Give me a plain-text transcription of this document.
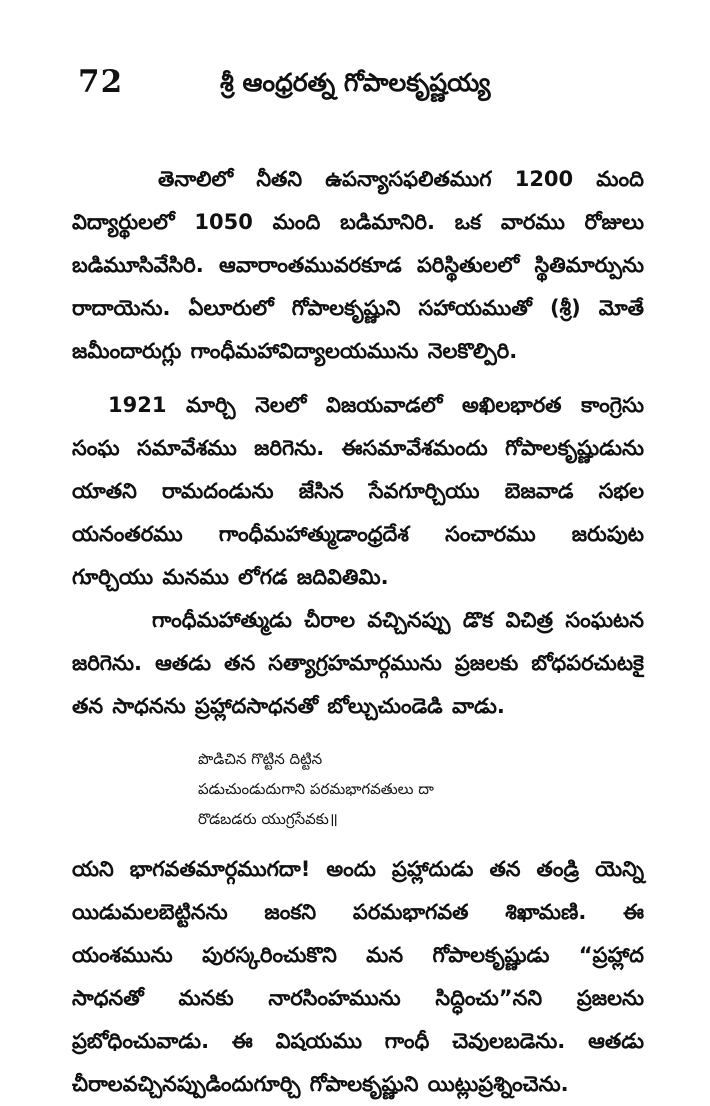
72	శ్రీ ఆంధ్రరత్న గోపాలకృష్ణయ్య

తెనాలిలో నీతని ఉపన్యాసఫలితముగ 1200 మంది విద్యార్థులలో 1050 మంది బడిమానిరి. ఒక వారము రోజులు బడిమూసివేసిరి. ఆవారాంతమువరకూడ పరిస్థితులలో స్థితిమార్పును రాదాయెను. ఏలూరులో గోపాలకృష్ణుని సహాయముతో (శ్రీ) మోతే జమీందారుగ్లు గాంధీమహావిద్యాలయమును నెలకొల్పిరి.

1921 మార్చి నెలలో విజయవాడలో అఖిలభారత కాంగ్రెసు సంఘ సమావేశము జరిగెను. ఈసమావేశమందు గోపాలకృష్ణుడును యాతని రామదండును జేసిన సేవగూర్చియు బెజవాడ సభల యనంతరము గాంధీమహాత్ముడాంధ్రదేశ సంచారము జరుపుట గూర్చియు మనము లోగడ జదివితిమి.

గాంధీమహాత్ముడు చీరాల వచ్చినప్పు డొక విచిత్ర సంఘటన జరిగెను. ఆతడు తన సత్యాగ్రహమార్గమును ప్రజలకు బోధపరచుటకై తన సాధనను ప్రహ్లాదసాధనతో బోల్చుచుండెడి వాడు.

పొడిచిన గొట్టిన దిట్టిన
పడుచుండుదుగాని పరమభాగవతులు దా
రొడబడరు యుగ్రసేవకు॥

యని భాగవతమార్గముగదా! అందు ప్రహ్లాదుడు తన తండ్రి యెన్ని యిడుమలబెట్టినను జంకని పరమభాగవత శిఖామణి. ఈ యంశమును పురస్కరించుకొని మన గోపాలకృష్ణుడు “ప్రహ్లాద సాధనతో మనకు నారసింహమును సిద్ధించు”నని ప్రజలను ప్రబోధించువాడు. ఈ విషయము గాంధీ చెవులబడెను. ఆతడు చీరాలవచ్చినప్పుడిందుగూర్చి గోపాలకృష్ణుని యిట్లుప్రశ్నించెను.
